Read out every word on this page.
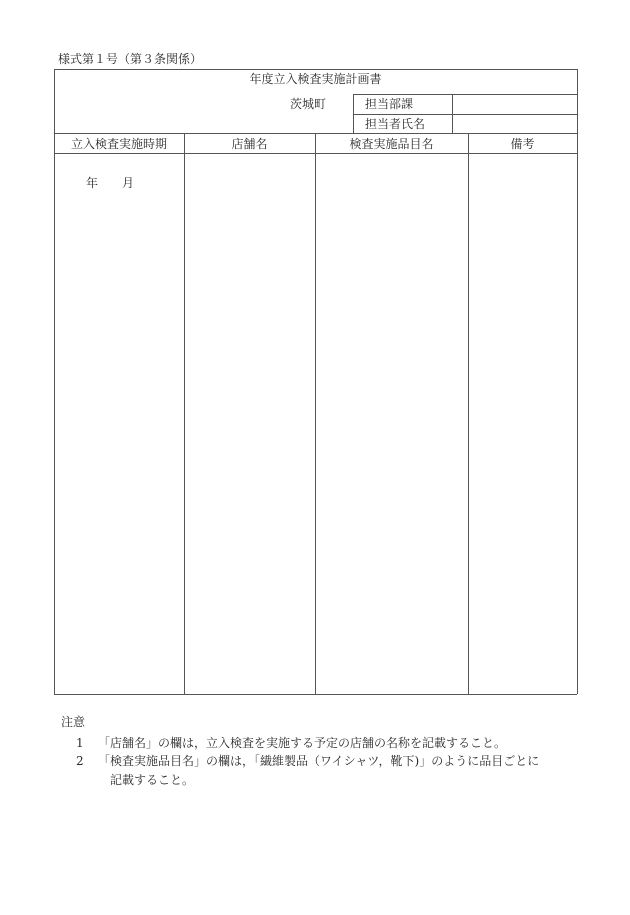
様式第１号（第３条関係）
年度立入検査実施計画書
茨城町	担当部課
担当者氏名
立入検査実施時期	店舗名	検査実施品目名	備考
年　　月
注意
1 「店舗名」の欄は，立入検査を実施する予定の店舗の名称を記載すること。
2 「検査実施品目名」の欄は，「繊維製品（ワイシャツ，靴下)」のように品目ごとに
記載すること。
